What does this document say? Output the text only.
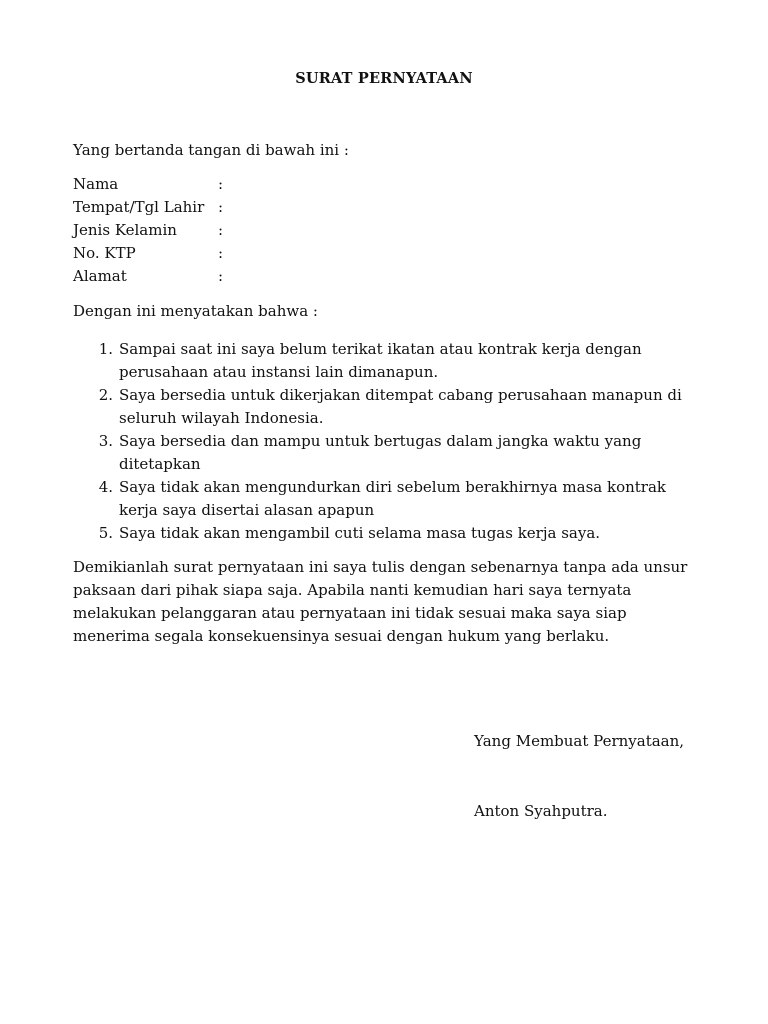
SURAT PERNYATAAN

Yang bertanda tangan di bawah ini :

Nama	:
Tempat/Tgl Lahir :
Jenis Kelamin	:
No. KTP	:
Alamat	:

Dengan ini menyatakan bahwa :

1. Sampai saat ini saya belum terikat ikatan atau kontrak kerja dengan
perusahaan atau instansi lain dimanapun.
2. Saya bersedia untuk dikerjakan ditempat cabang perusahaan manapun di
seluruh wilayah Indonesia.
3. Saya bersedia dan mampu untuk bertugas dalam jangka waktu yang
ditetapkan
4. Saya tidak akan mengundurkan diri sebelum berakhirnya masa kontrak
kerja saya disertai alasan apapun
5. Saya tidak akan mengambil cuti selama masa tugas kerja saya.

Demikianlah surat pernyataan ini saya tulis dengan sebenarnya tanpa ada unsur
paksaan dari pihak siapa saja. Apabila nanti kemudian hari saya ternyata
melakukan pelanggaran atau pernyataan ini tidak sesuai maka saya siap
menerima segala konsekuensinya sesuai dengan hukum yang berlaku.

Yang Membuat Pernyataan,

Anton Syahputra.
